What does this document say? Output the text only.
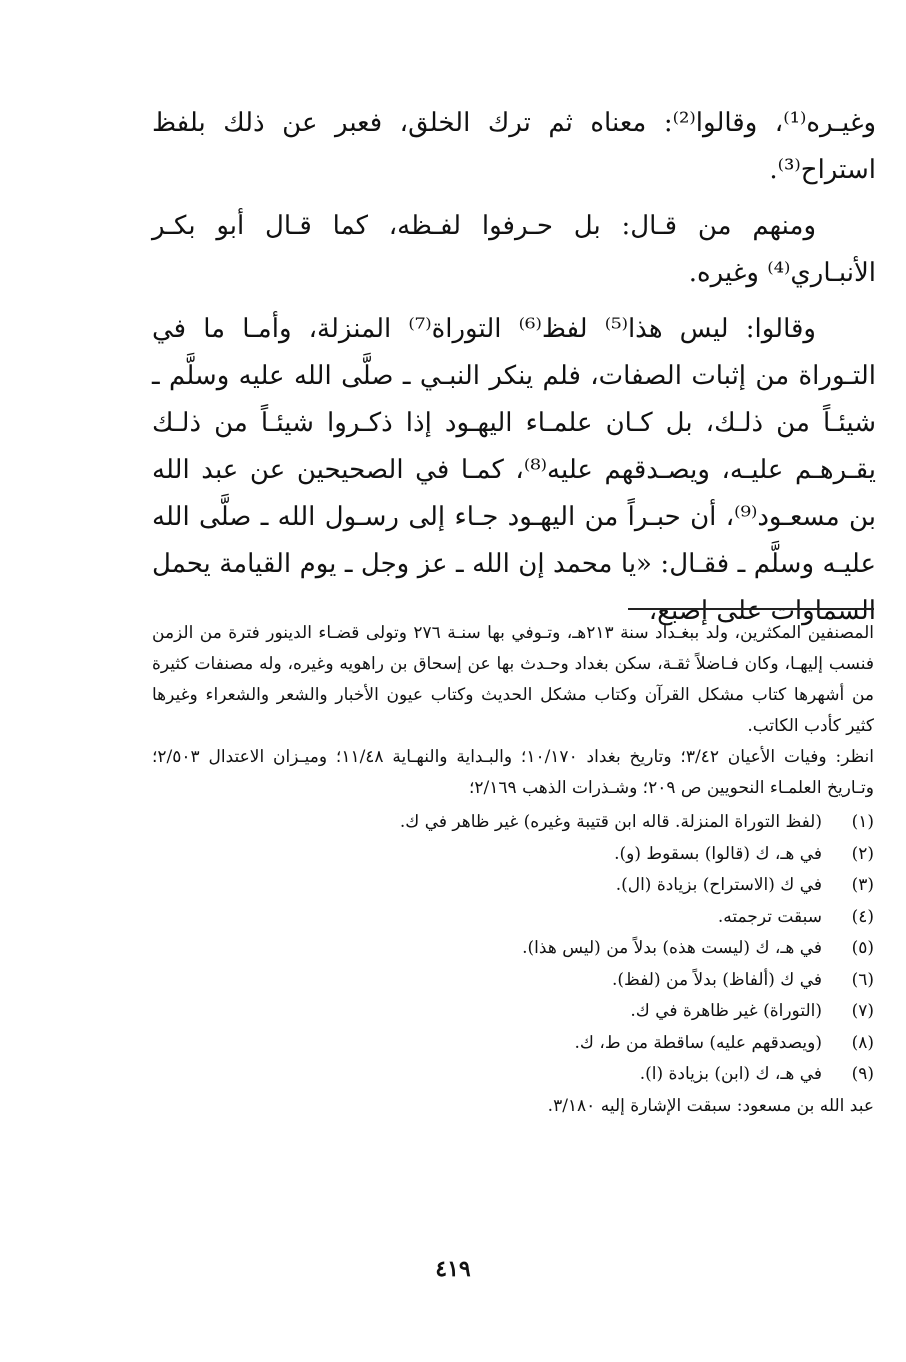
وغيـره⁽¹⁾، وقالوا⁽²⁾: معناه ثم ترك الخلق، فعبر عن ذلك بلفظ استراح⁽³⁾.

ومنهم من قـال: بل حـرفوا لفـظه، كما قـال أبو بكـر الأنبـاري⁽⁴⁾ وغيره.

وقالوا: ليس هذا⁽⁵⁾ لفظ⁽⁶⁾ التوراة⁽⁷⁾ المنزلة، وأمـا ما في التـوراة من إثبات الصفات، فلم ينكر النبـي ـ صلَّى الله عليه وسلَّم ـ شيئـاً من ذلـك، بل كـان علمـاء اليهـود إذا ذكـروا شيئـاً من ذلـك يقـرهـم عليـه، ويصـدقهم عليه⁽⁸⁾، كمـا في الصحيحين عن عبد الله بن مسعـود⁽⁹⁾، أن حبـراً من اليهـود جـاء إلى رسـول الله ـ صلَّى الله عليـه وسلَّم ـ فقـال: «يا محمد إن الله ـ عز وجل ـ يوم القيامة يحمل السماوات على إصبع،

المصنفين المكثرين، ولد ببغـداد سنة ٢١٣هـ، وتـوفي بها سنـة ٢٧٦ وتولى قضـاء الدينور فترة من الزمن فنسب إليهـا، وكان فـاضلاً ثقـة، سكن بغداد وحـدث بها عن إسحاق بن راهويه وغيره، وله مصنفات كثيرة من أشهرها كتاب مشكل القرآن وكتاب مشكل الحديث وكتاب عيون الأخبار والشعر والشعراء وغيرها كثير كأدب الكاتب.

انظر: وفيات الأعيان ٣/٤٢؛ وتاريخ بغداد ١٠/١٧٠؛ والبـداية والنهـاية ١١/٤٨؛ وميـزان الاعتدال ٢/٥٠٣؛ وتـاريخ العلمـاء النحويين ص ٢٠٩؛ وشـذرات الذهب ٢/١٦٩؛

(١)
(لفظ التوراة المنزلة. قاله ابن قتيبة وغيره) غير ظاهر في ك.
(٢)
في هـ، ك (قالوا) بسقوط (و).
(٣)
في ك (الاستراح) بزيادة (ال).
(٤)
سبقت ترجمته.
(٥)
في هـ، ك (ليست هذه) بدلاً من (ليس هذا).
(٦)
في ك (ألفاظ) بدلاً من (لفظ).
(٧)
(التوراة) غير ظاهرة في ك.
(٨)
(ويصدقهم عليه) ساقطة من ط، ك.
(٩)
في هـ، ك (ابن) بزيادة (ا).
عبد الله بن مسعود: سبقت الإشارة إليه ٣/١٨٠.
٤١٩
